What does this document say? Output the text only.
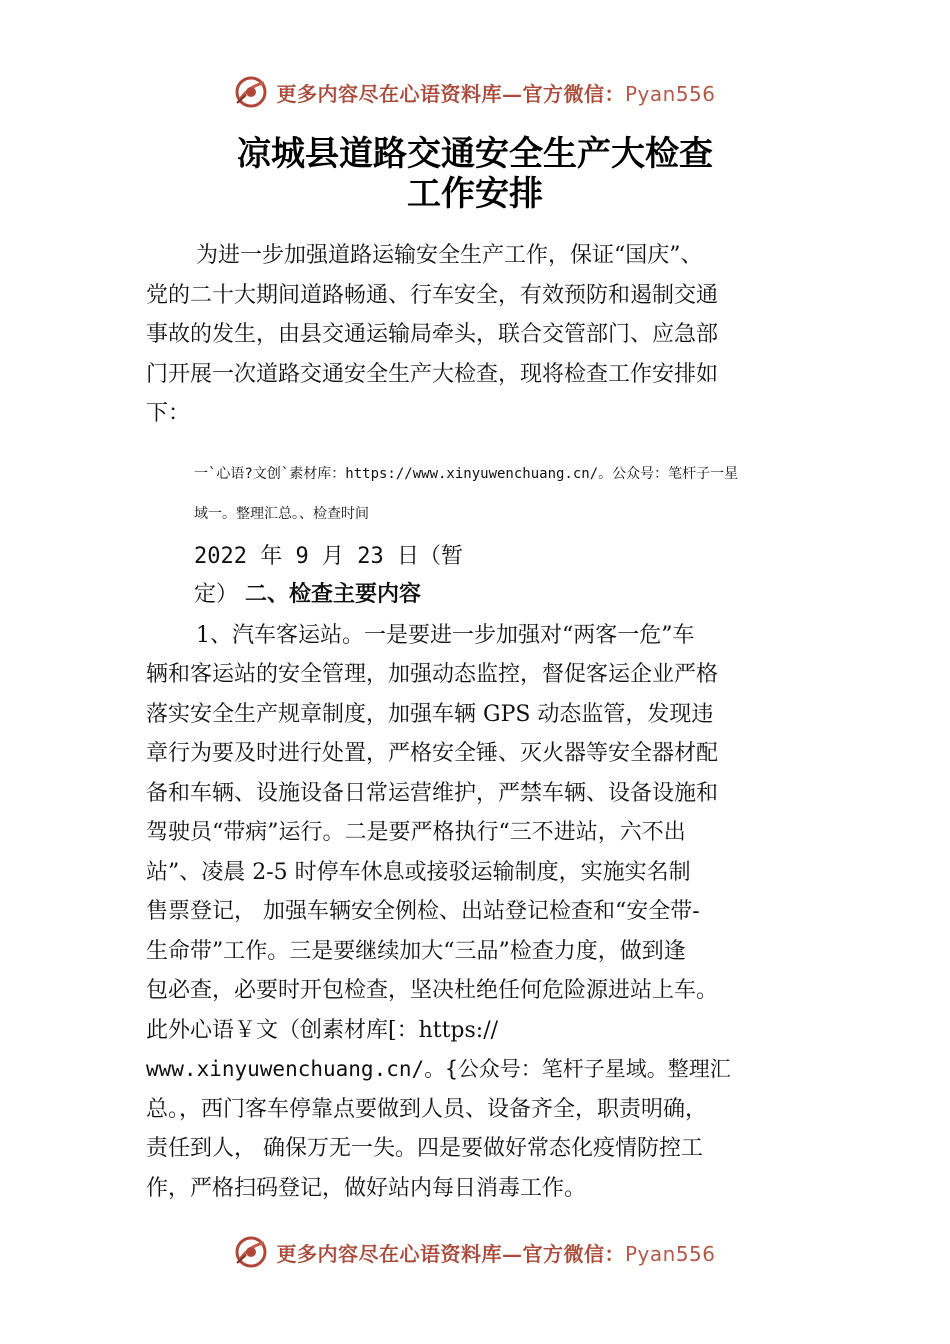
更多内容尽在心语资料库—官方微信：Pyan556
凉城县道路交通安全生产大检查
工作安排

为进一步加强道路运输安全生产工作，保证“国庆”、

党的二十大期间道路畅通、行车安全，有效预防和遏制交通

事故的发生，由县交通运输局牵头，联合交管部门、应急部

门开展一次道路交通安全生产大检查，现将检查工作安排如

下：

一`心语?文创`素材库：https://www.xinyuwenchuang.cn/。公众号：笔杆子一星

域一。整理汇总。、检查时间

2022 年 9 月 23 日（暂

定） 二、检查主要内容

1、汽车客运站。一是要进一步加强对“两客一危”车

辆和客运站的安全管理，加强动态监控，督促客运企业严格

落实安全生产规章制度，加强车辆 GPS 动态监管，发现违

章行为要及时进行处置，严格安全锤、灭火器等安全器材配

备和车辆、设施设备日常运营维护，严禁车辆、设备设施和

驾驶员“带病”运行。二是要严格执行“三不进站，六不出

站”、凌晨 2-5 时停车休息或接驳运输制度，实施实名制

售票登记， 加强车辆安全例检、出站登记检查和“安全带-

生命带”工作。三是要继续加大“三品”检查力度，做到逢

包必查，必要时开包检查，坚决杜绝任何危险源进站上车。

此外心语￥文（创素材库[：https://

www.xinyuwenchuang.cn/。{公众号：笔杆子星域。整理汇

总。，西门客车停靠点要做到人员、设备齐全，职责明确，

责任到人， 确保万无一失。四是要做好常态化疫情防控工

作，严格扫码登记，做好站内每日消毒工作。

更多内容尽在心语资料库—官方微信：Pyan556
